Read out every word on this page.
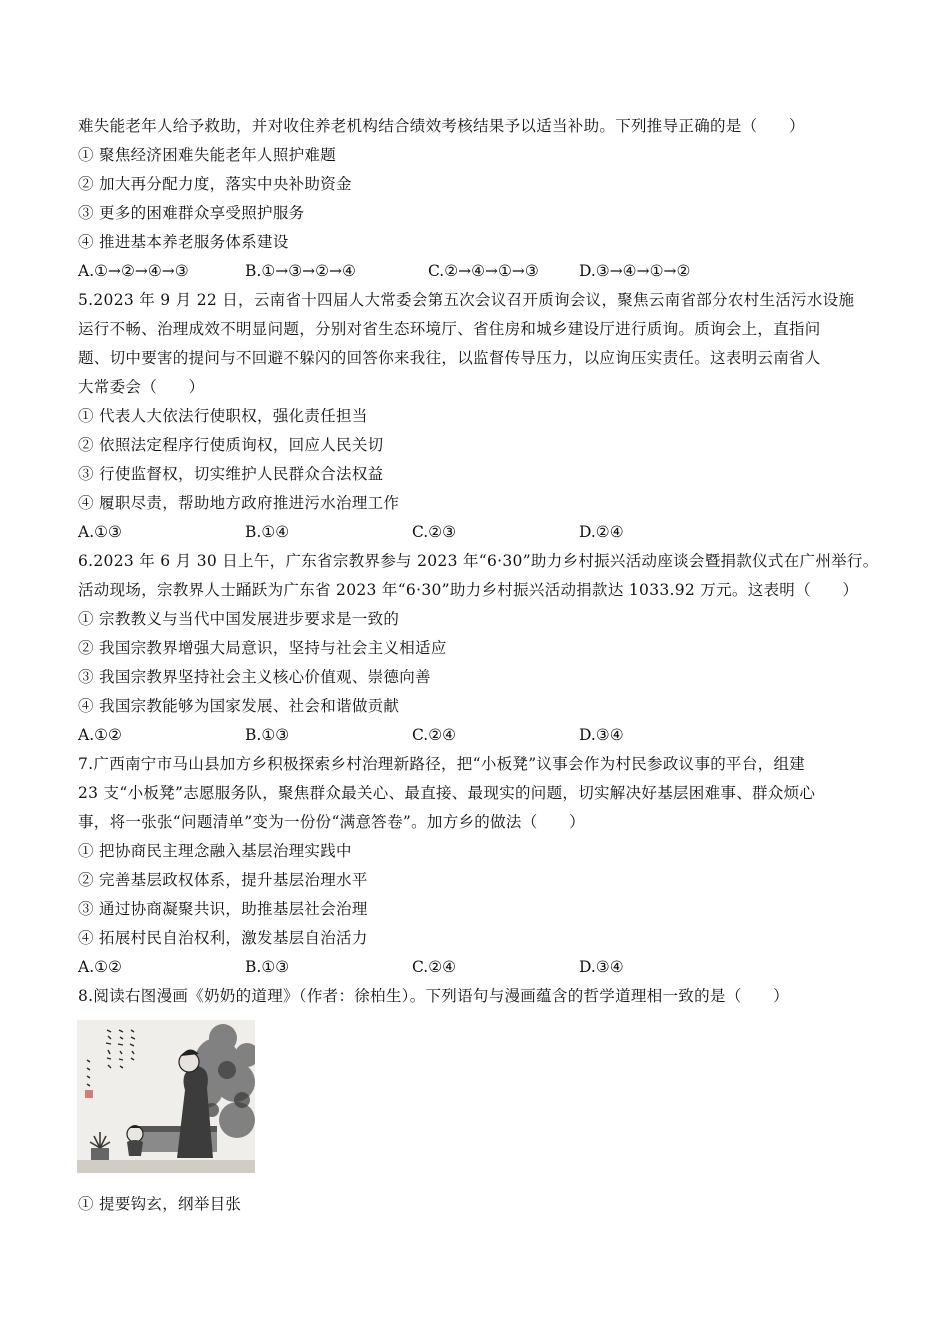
难失能老年人给予救助，并对收住养老机构结合绩效考核结果予以适当补助。下列推导正确的是（　　）
① 聚焦经济困难失能老年人照护难题
② 加大再分配力度，落实中央补助资金
③ 更多的困难群众享受照护服务
④ 推进基本养老服务体系建设
A.①→②→④→③	B.①→③→②→④	C.②→④→①→③	D.③→④→①→②
5.2023 年 9 月 22 日，云南省十四届人大常委会第五次会议召开质询会议，聚焦云南省部分农村生活污水设施
运行不畅、治理成效不明显问题，分别对省生态环境厅、省住房和城乡建设厅进行质询。质询会上，直指问
题、切中要害的提问与不回避不躲闪的回答你来我往，以监督传导压力，以应询压实责任。这表明云南省人
大常委会（　　）
① 代表人大依法行使职权，强化责任担当
② 依照法定程序行使质询权，回应人民关切
③ 行使监督权，切实维护人民群众合法权益
④ 履职尽责，帮助地方政府推进污水治理工作
A.①③	B.①④	C.②③	D.②④
6.2023 年 6 月 30 日上午，广东省宗教界参与 2023 年“6·30”助力乡村振兴活动座谈会暨捐款仪式在广州举行。
活动现场，宗教界人士踊跃为广东省 2023 年“6·30”助力乡村振兴活动捐款达 1033.92 万元。这表明（　　）
① 宗教教义与当代中国发展进步要求是一致的
② 我国宗教界增强大局意识，坚持与社会主义相适应
③ 我国宗教界坚持社会主义核心价值观、崇德向善
④ 我国宗教能够为国家发展、社会和谐做贡献
A.①②	B.①③	C.②④	D.③④
7.广西南宁市马山县加方乡积极探索乡村治理新路径，把“小板凳”议事会作为村民参政议事的平台，组建
23 支“小板凳”志愿服务队，聚焦群众最关心、最直接、最现实的问题，切实解决好基层困难事、群众烦心
事，将一张张“问题清单”变为一份份“满意答卷”。加方乡的做法（　　）
① 把协商民主理念融入基层治理实践中
② 完善基层政权体系，提升基层治理水平
③ 通过协商凝聚共识，助推基层社会治理
④ 拓展村民自治权利，激发基层自治活力
A.①②	B.①③	C.②④	D.③④
8.阅读右图漫画《奶奶的道理》（作者：徐柏生）。下列语句与漫画蕴含的哲学道理相一致的是（　　）
① 提要钩玄，纲举目张
